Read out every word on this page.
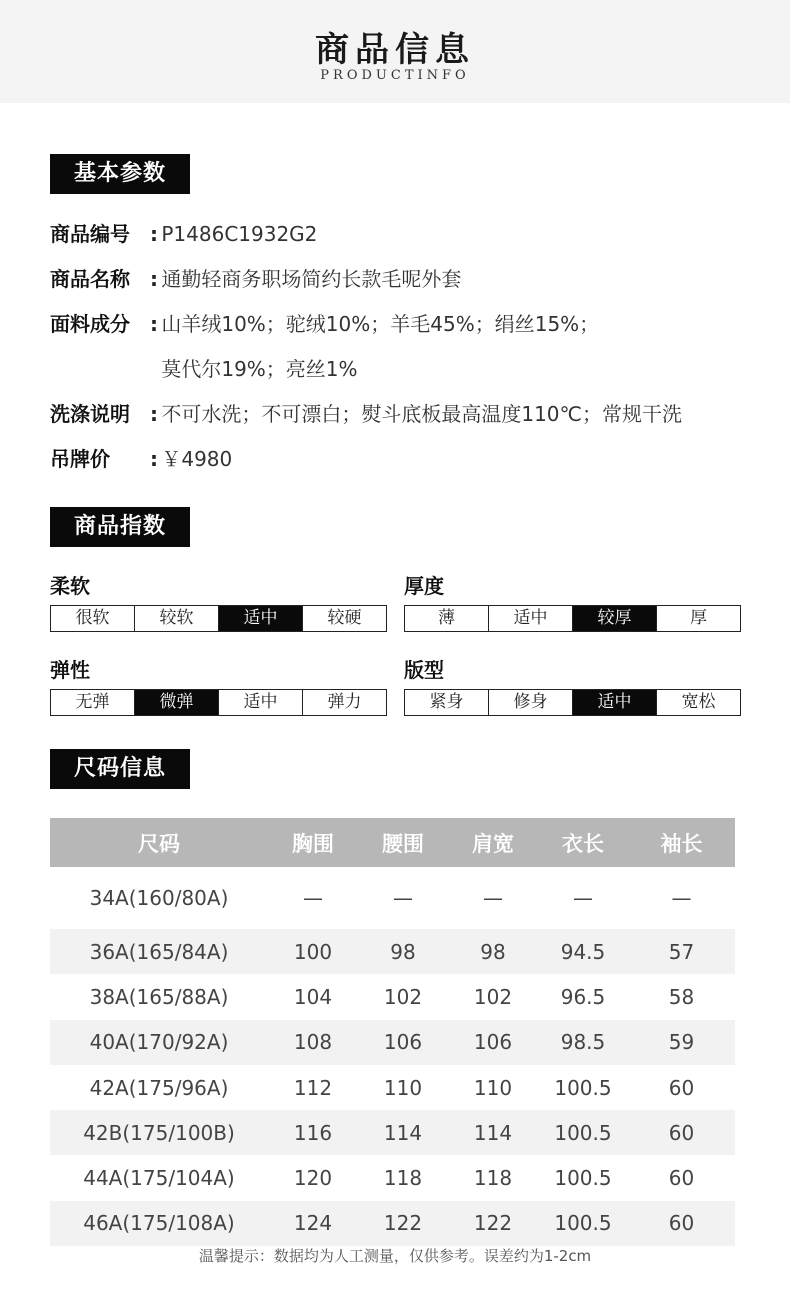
商品信息
PRODUCTINFO
基本参数
商品编号 : P1486C1932G2
商品名称 : 通勤轻商务职场简约长款毛呢外套
面料成分 : 山羊绒10%；驼绒10%；羊毛45%；绢丝15%；
莫代尔19%；亮丝1%
洗涤说明 : 不可水洗；不可漂白；熨斗底板最高温度110℃；常规干洗
吊牌价 : ￥4980
商品指数
柔软
很软	较软	适中	较硬
厚度
薄	适中	较厚	厚
弹性
无弹	微弹	适中	弹力
版型
紧身	修身	适中	宽松
尺码信息
尺码	胸围	腰围	肩宽	衣长	袖长
34A(160/80A)	—	—	—	—	—
36A(165/84A)	100	98	98	94.5	57
38A(165/88A)	104	102	102	96.5	58
40A(170/92A)	108	106	106	98.5	59
42A(175/96A)	112	110	110	100.5	60
42B(175/100B)	116	114	114	100.5	60
44A(175/104A)	120	118	118	100.5	60
46A(175/108A)	124	122	122	100.5	60
温馨提示：数据均为人工测量，仅供参考。误差约为1-2cm
